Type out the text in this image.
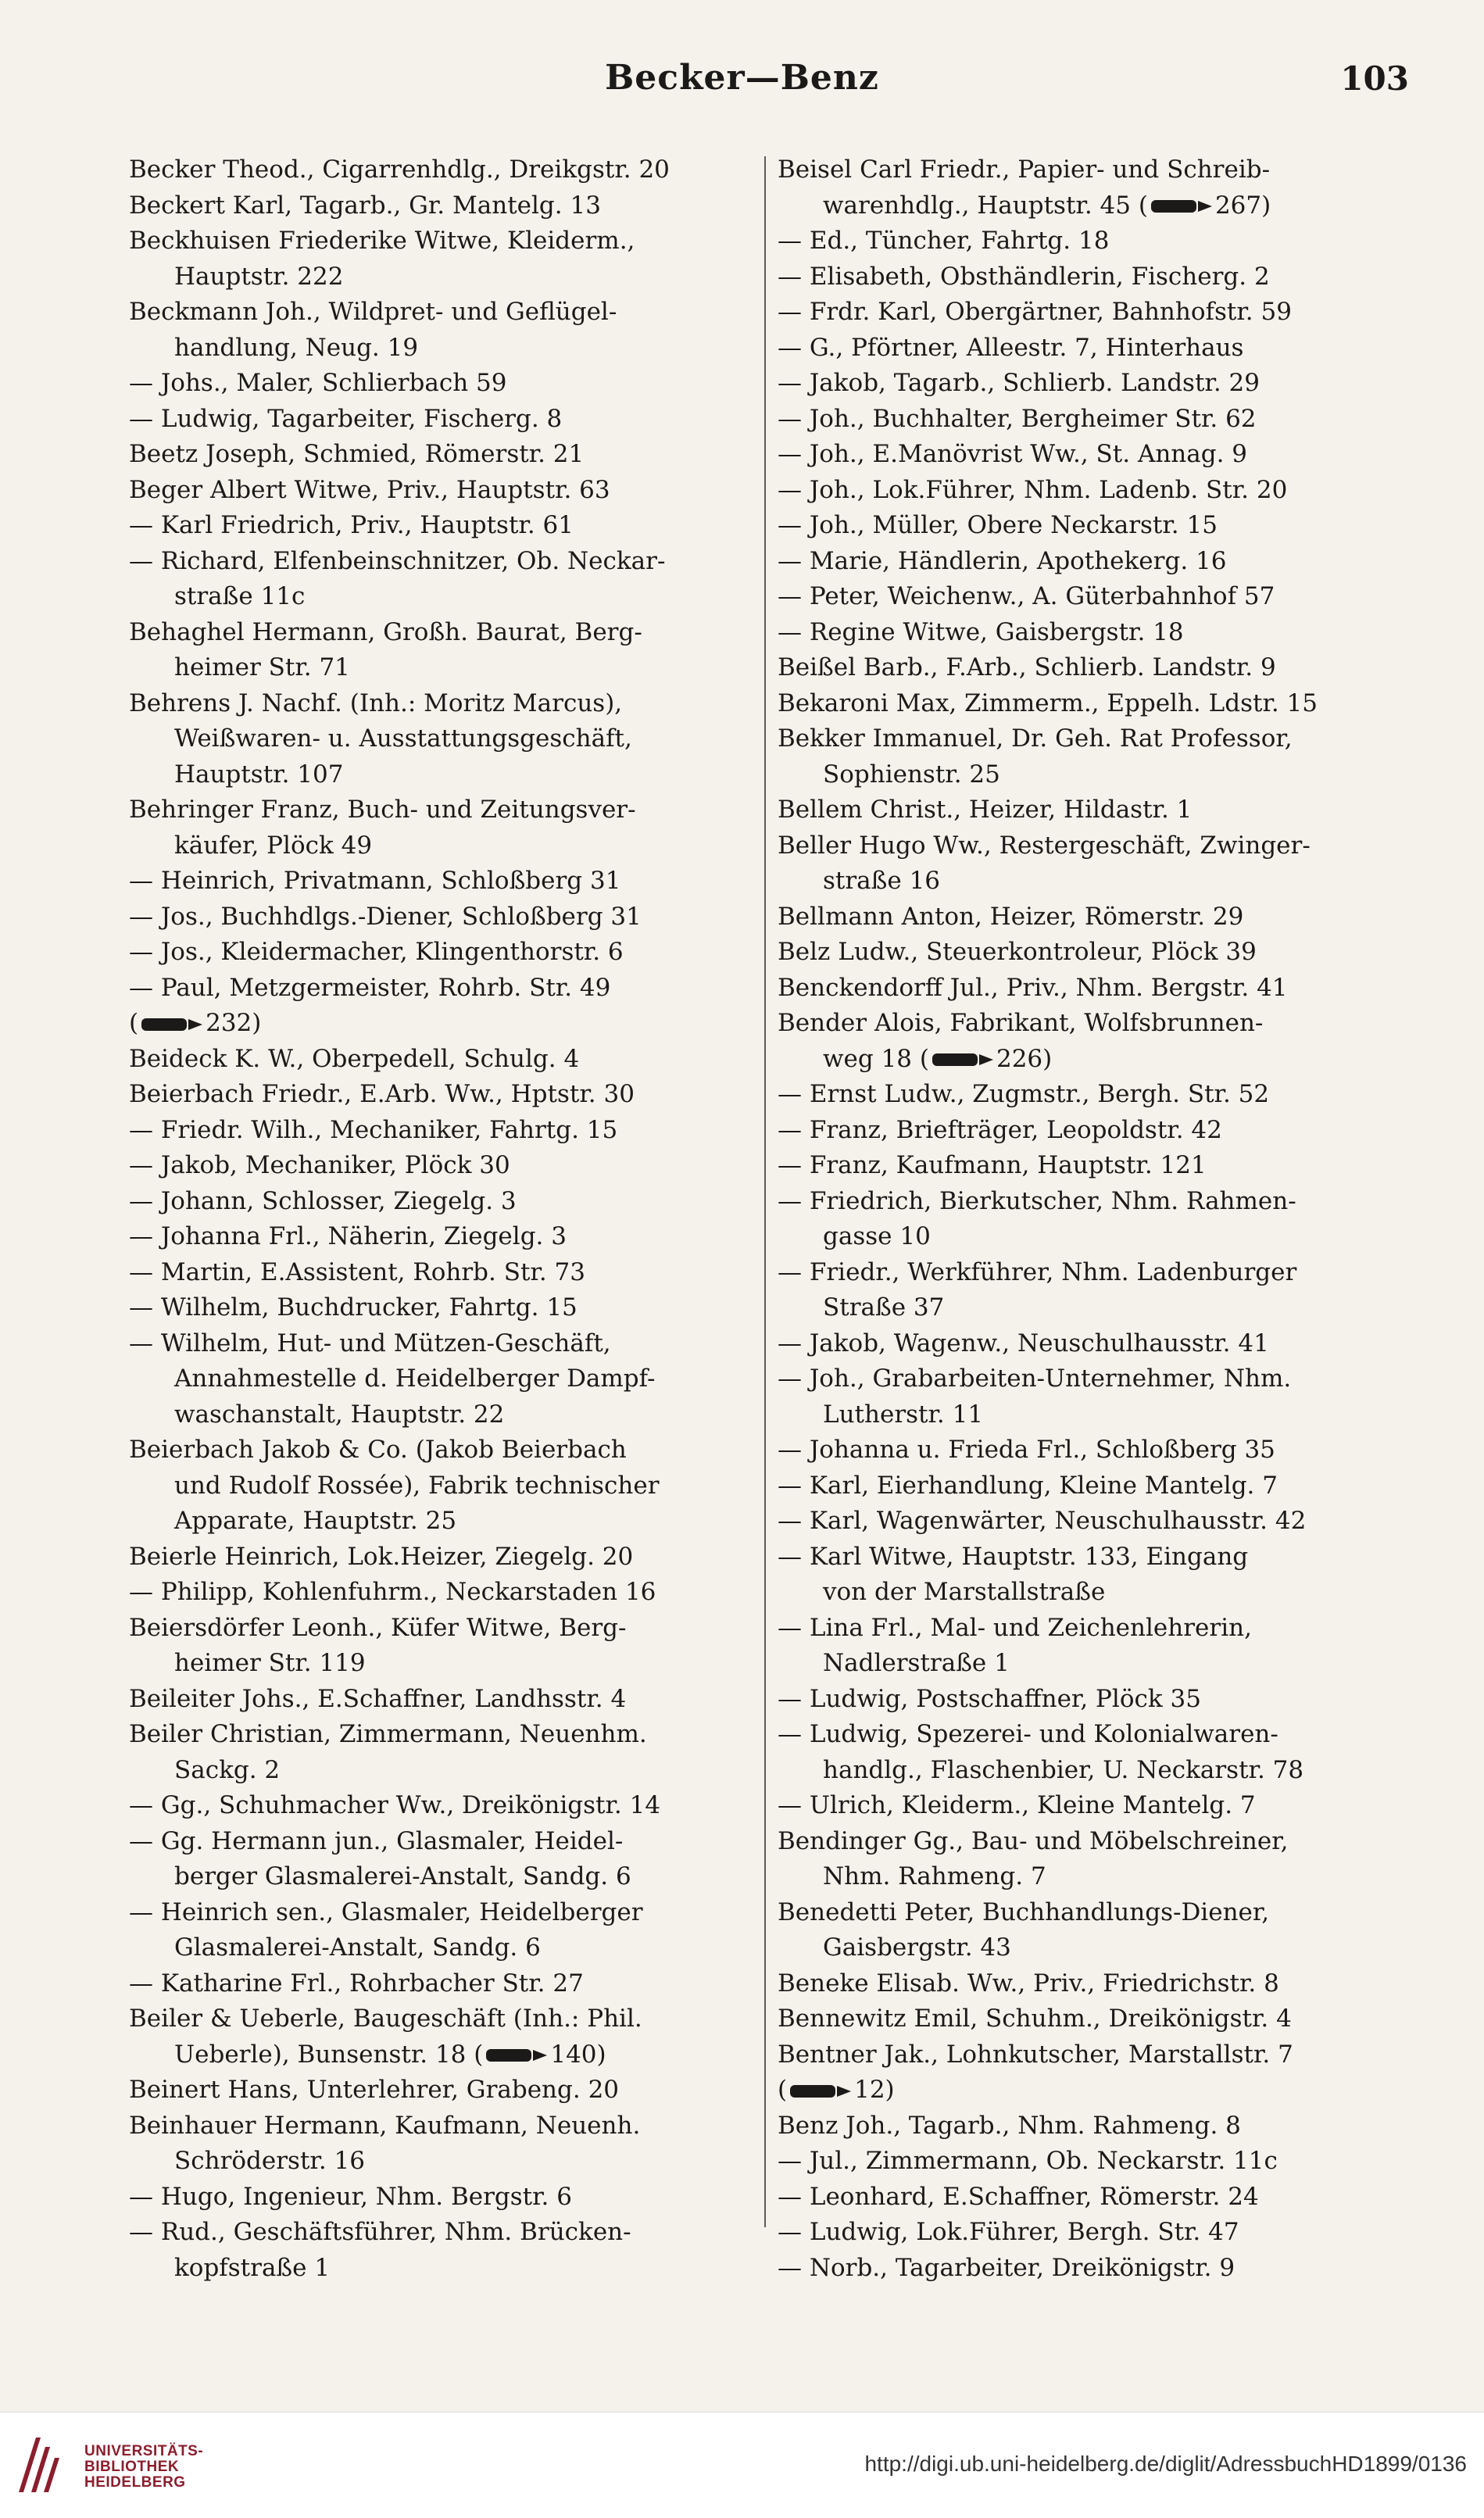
Becker—Benz	103

Becker Theod., Cigarrenhdlg., Dreikgstr. 20

Beckert Karl, Tagarb., Gr. Mantelg. 13

Beckhuisen Friederike Witwe, Kleiderm.,
Hauptstr. 222

Beckmann Joh., Wildpret- und Geflügel-
handlung, Neug. 19

— Johs., Maler, Schlierbach 59

— Ludwig, Tagarbeiter, Fischerg. 8

Beetz Joseph, Schmied, Römerstr. 21

Beger Albert Witwe, Priv., Hauptstr. 63

— Karl Friedrich, Priv., Hauptstr. 61

— Richard, Elfenbeinschnitzer, Ob. Neckar-
straße 11c

Behaghel Hermann, Großh. Baurat, Berg-
heimer Str. 71

Behrens J. Nachf. (Inh.: Moritz Marcus),
Weißwaren- u. Ausstattungsgeschäft,
Hauptstr. 107

Behringer Franz, Buch- und Zeitungsver-
käufer, Plöck 49

— Heinrich, Privatmann, Schloßberg 31

— Jos., Buchhdlgs.-Diener, Schloßberg 31

— Jos., Kleidermacher, Klingenthorstr. 6

— Paul, Metzgermeister, Rohrb. Str. 49

(	232)

Beideck K. W., Oberpedell, Schulg. 4

Beierbach Friedr., E.Arb. Ww., Hptstr. 30

— Friedr. Wilh., Mechaniker, Fahrtg. 15

— Jakob, Mechaniker, Plöck 30

— Johann, Schlosser, Ziegelg. 3

— Johanna Frl., Näherin, Ziegelg. 3

— Martin, E.Assistent, Rohrb. Str. 73

— Wilhelm, Buchdrucker, Fahrtg. 15

— Wilhelm, Hut- und Mützen-Geschäft,
Annahmestelle d. Heidelberger Dampf-
waschanstalt, Hauptstr. 22

Beierbach Jakob & Co. (Jakob Beierbach
und Rudolf Rossée), Fabrik technischer
Apparate, Hauptstr. 25

Beierle Heinrich, Lok.Heizer, Ziegelg. 20

— Philipp, Kohlenfuhrm., Neckarstaden 16

Beiersdörfer Leonh., Küfer Witwe, Berg-
heimer Str. 119

Beileiter Johs., E.Schaffner, Landhsstr. 4

Beiler Christian, Zimmermann, Neuenhm.
Sackg. 2

— Gg., Schuhmacher Ww., Dreikönigstr. 14

— Gg. Hermann jun., Glasmaler, Heidel-
berger Glasmalerei-Anstalt, Sandg. 6

— Heinrich sen., Glasmaler, Heidelberger
Glasmalerei-Anstalt, Sandg. 6

— Katharine Frl., Rohrbacher Str. 27

Beiler & Ueberle, Baugeschäft (Inh.: Phil.
Ueberle), Bunsenstr. 18 (	140)

Beinert Hans, Unterlehrer, Grabeng. 20

Beinhauer Hermann, Kaufmann, Neuenh.
Schröderstr. 16

— Hugo, Ingenieur, Nhm. Bergstr. 6

— Rud., Geschäftsführer, Nhm. Brücken-
kopfstraße 1

Beisel Carl Friedr., Papier- und Schreib-
warenhdlg., Hauptstr. 45 (	267)

— Ed., Tüncher, Fahrtg. 18

— Elisabeth, Obsthändlerin, Fischerg. 2

— Frdr. Karl, Obergärtner, Bahnhofstr. 59

— G., Pförtner, Alleestr. 7, Hinterhaus

— Jakob, Tagarb., Schlierb. Landstr. 29

— Joh., Buchhalter, Bergheimer Str. 62

— Joh., E.Manövrist Ww., St. Annag. 9

— Joh., Lok.Führer, Nhm. Ladenb. Str. 20

— Joh., Müller, Obere Neckarstr. 15

— Marie, Händlerin, Apothekerg. 16

— Peter, Weichenw., A. Güterbahnhof 57

— Regine Witwe, Gaisbergstr. 18

Beißel Barb., F.Arb., Schlierb. Landstr. 9

Bekaroni Max, Zimmerm., Eppelh. Ldstr. 15

Bekker Immanuel, Dr. Geh. Rat Professor,
Sophienstr. 25

Bellem Christ., Heizer, Hildastr. 1

Beller Hugo Ww., Restergeschäft, Zwinger-
straße 16

Bellmann Anton, Heizer, Römerstr. 29

Belz Ludw., Steuerkontroleur, Plöck 39

Benckendorff Jul., Priv., Nhm. Bergstr. 41

Bender Alois, Fabrikant, Wolfsbrunnen-
weg 18 (	226)

— Ernst Ludw., Zugmstr., Bergh. Str. 52

— Franz, Briefträger, Leopoldstr. 42

— Franz, Kaufmann, Hauptstr. 121

— Friedrich, Bierkutscher, Nhm. Rahmen-
gasse 10

— Friedr., Werkführer, Nhm. Ladenburger
Straße 37

— Jakob, Wagenw., Neuschulhausstr. 41

— Joh., Grabarbeiten-Unternehmer, Nhm.
Lutherstr. 11

— Johanna u. Frieda Frl., Schloßberg 35

— Karl, Eierhandlung, Kleine Mantelg. 7

— Karl, Wagenwärter, Neuschulhausstr. 42

— Karl Witwe, Hauptstr. 133, Eingang
von der Marstallstraße

— Lina Frl., Mal- und Zeichenlehrerin,
Nadlerstraße 1

— Ludwig, Postschaffner, Plöck 35

— Ludwig, Spezerei- und Kolonialwaren-
handlg., Flaschenbier, U. Neckarstr. 78

— Ulrich, Kleiderm., Kleine Mantelg. 7

Bendinger Gg., Bau- und Möbelschreiner,
Nhm. Rahmeng. 7

Benedetti Peter, Buchhandlungs-Diener,
Gaisbergstr. 43

Beneke Elisab. Ww., Priv., Friedrichstr. 8

Bennewitz Emil, Schuhm., Dreikönigstr. 4

Bentner Jak., Lohnkutscher, Marstallstr. 7

(	12)

Benz Joh., Tagarb., Nhm. Rahmeng. 8

— Jul., Zimmermann, Ob. Neckarstr. 11c

— Leonhard, E.Schaffner, Römerstr. 24

— Ludwig, Lok.Führer, Bergh. Str. 47

— Norb., Tagarbeiter, Dreikönigstr. 9

UNIVERSITÄTS-
BIBLIOTHEK
HEIDELBERG
http://digi.ub.uni-heidelberg.de/diglit/AdressbuchHD1899/0136
